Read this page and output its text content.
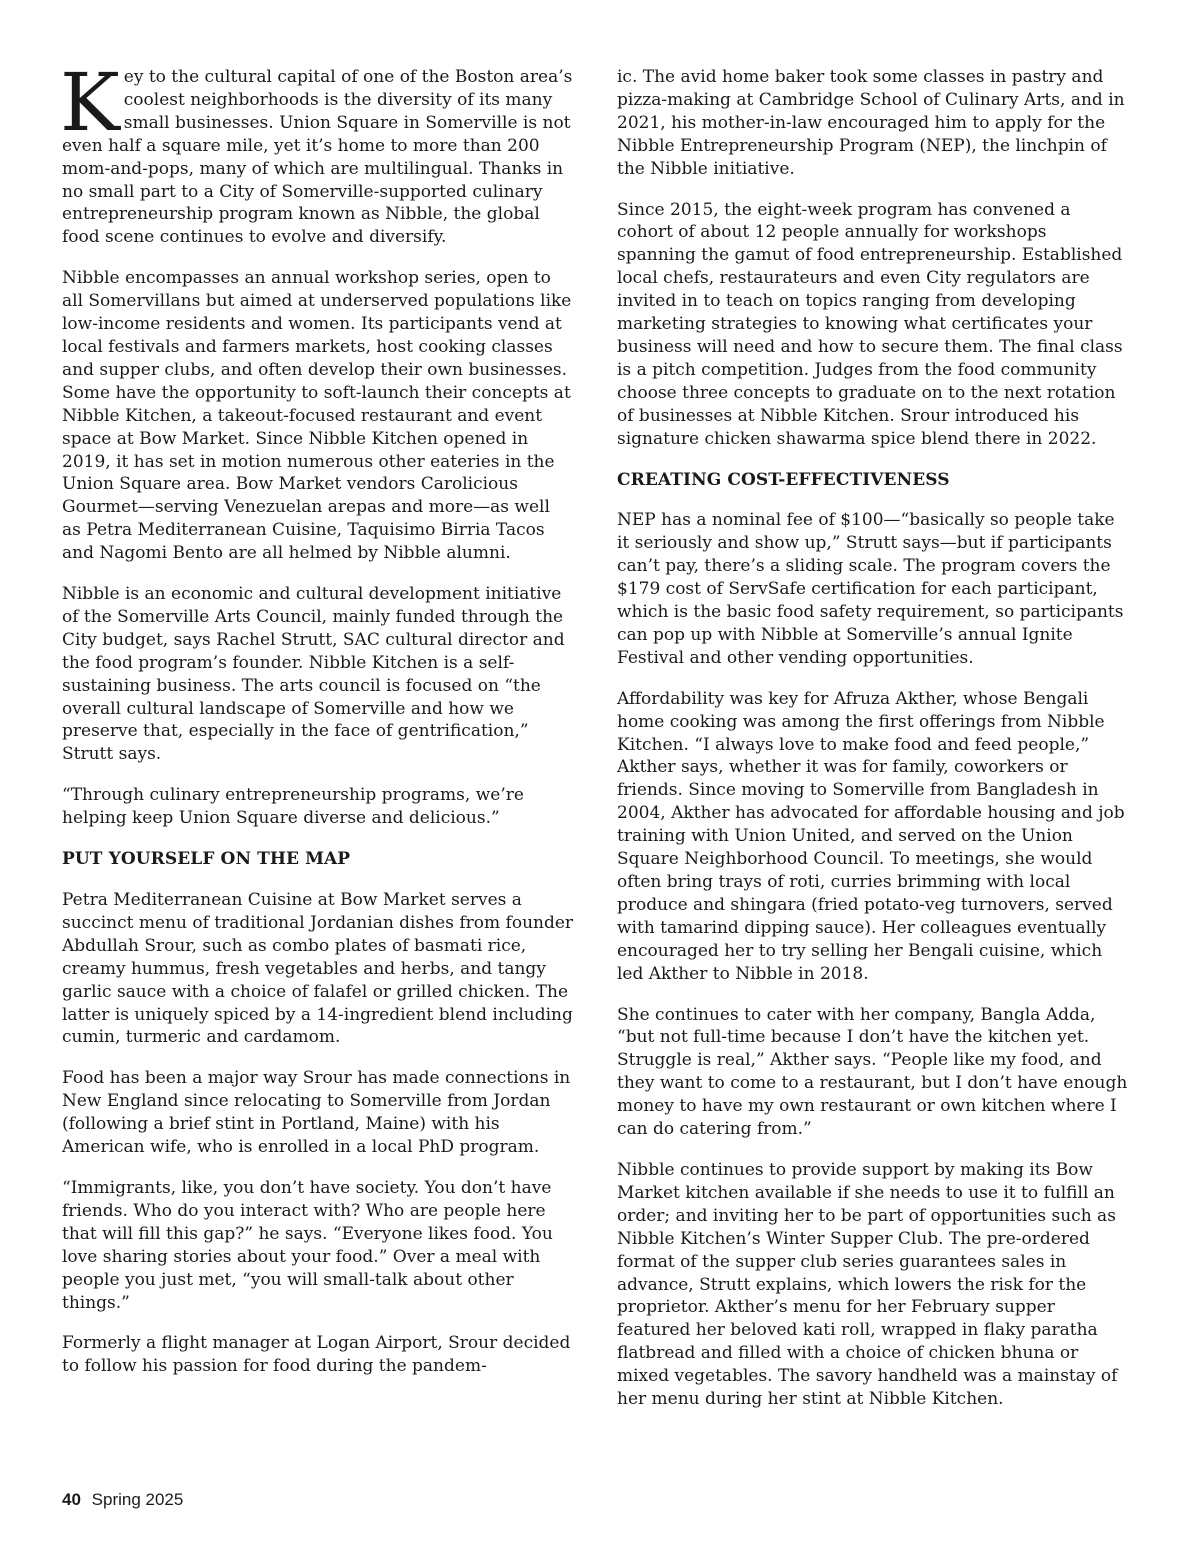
Key to the cultural capital of one of the Boston area’s coolest neighborhoods is the diversity of its many small businesses. Union Square in Somerville is not even half a square mile, yet it’s home to more than 200 mom-and-pops, many of which are multilingual. Thanks in no small part to a City of Somerville-supported culinary entrepreneurship program known as Nibble, the global food scene continues to evolve and diversify.

Nibble encompasses an annual workshop series, open to all Somervillans but aimed at underserved populations like low-income residents and women. Its participants vend at local festivals and farmers markets, host cooking classes and supper clubs, and often develop their own businesses. Some have the opportunity to soft-launch their concepts at Nibble Kitchen, a takeout-focused restaurant and event space at Bow Market. Since Nibble Kitchen opened in 2019, it has set in motion numerous other eateries in the Union Square area. Bow Market vendors Carolicious Gourmet—serving Venezuelan arepas and more—as well as Petra Mediterranean Cuisine, Taquisimo Birria Tacos and Nagomi Bento are all helmed by Nibble alumni.

Nibble is an economic and cultural development initiative of the Somerville Arts Council, mainly funded through the City budget, says Rachel Strutt, SAC cultural director and the food program’s founder. Nibble Kitchen is a self-sustaining business. The arts council is focused on “the overall cultural landscape of Somerville and how we preserve that, especially in the face of gentrification,” Strutt says.

“Through culinary entrepreneurship programs, we’re helping keep Union Square diverse and delicious.”

PUT YOURSELF ON THE MAP

Petra Mediterranean Cuisine at Bow Market serves a succinct menu of traditional Jordanian dishes from founder Abdullah Srour, such as combo plates of basmati rice, creamy hummus, fresh vegetables and herbs, and tangy garlic sauce with a choice of falafel or grilled chicken. The latter is uniquely spiced by a 14-ingredient blend including cumin, turmeric and cardamom.

Food has been a major way Srour has made connections in New England since relocating to Somerville from Jordan (following a brief stint in Portland, Maine) with his American wife, who is enrolled in a local PhD program.

“Immigrants, like, you don’t have society. You don’t have friends. Who do you interact with? Who are people here that will fill this gap?” he says. “Everyone likes food. You love sharing stories about your food.” Over a meal with people you just met, “you will small-talk about other things.”

Formerly a flight manager at Logan Airport, Srour decided to follow his passion for food during the pandem-

ic. The avid home baker took some classes in pastry and pizza-making at Cambridge School of Culinary Arts, and in 2021, his mother-in-law encouraged him to apply for the Nibble Entrepreneurship Program (NEP), the linchpin of the Nibble initiative.

Since 2015, the eight-week program has convened a cohort of about 12 people annually for workshops spanning the gamut of food entrepreneurship. Established local chefs, restaurateurs and even City regulators are invited in to teach on topics ranging from developing marketing strategies to knowing what certificates your business will need and how to secure them. The final class is a pitch competition. Judges from the food community choose three concepts to graduate on to the next rotation of businesses at Nibble Kitchen. Srour introduced his signature chicken shawarma spice blend there in 2022.

CREATING COST-EFFECTIVENESS

NEP has a nominal fee of $100—“basically so people take it seriously and show up,” Strutt says—but if participants can’t pay, there’s a sliding scale. The program covers the $179 cost of ServSafe certification for each participant, which is the basic food safety requirement, so participants can pop up with Nibble at Somerville’s annual Ignite Festival and other vending opportunities.

Affordability was key for Afruza Akther, whose Bengali home cooking was among the first offerings from Nibble Kitchen. “I always love to make food and feed people,” Akther says, whether it was for family, coworkers or friends. Since moving to Somerville from Bangladesh in 2004, Akther has advocated for affordable housing and job training with Union United, and served on the Union Square Neighborhood Council. To meetings, she would often bring trays of roti, curries brimming with local produce and shingara (fried potato-veg turnovers, served with tamarind dipping sauce). Her colleagues eventually encouraged her to try selling her Bengali cuisine, which led Akther to Nibble in 2018.

She continues to cater with her company, Bangla Adda, “but not full-time because I don’t have the kitchen yet. Struggle is real,” Akther says. “People like my food, and they want to come to a restaurant, but I don’t have enough money to have my own restaurant or own kitchen where I can do catering from.”

Nibble continues to provide support by making its Bow Market kitchen available if she needs to use it to fulfill an order; and inviting her to be part of opportunities such as Nibble Kitchen’s Winter Supper Club. The pre-ordered format of the supper club series guarantees sales in advance, Strutt explains, which lowers the risk for the proprietor. Akther’s menu for her February supper featured her beloved kati roll, wrapped in flaky paratha flatbread and filled with a choice of chicken bhuna or mixed vegetables. The savory handheld was a mainstay of her menu during her stint at Nibble Kitchen.

40 Spring 2025
